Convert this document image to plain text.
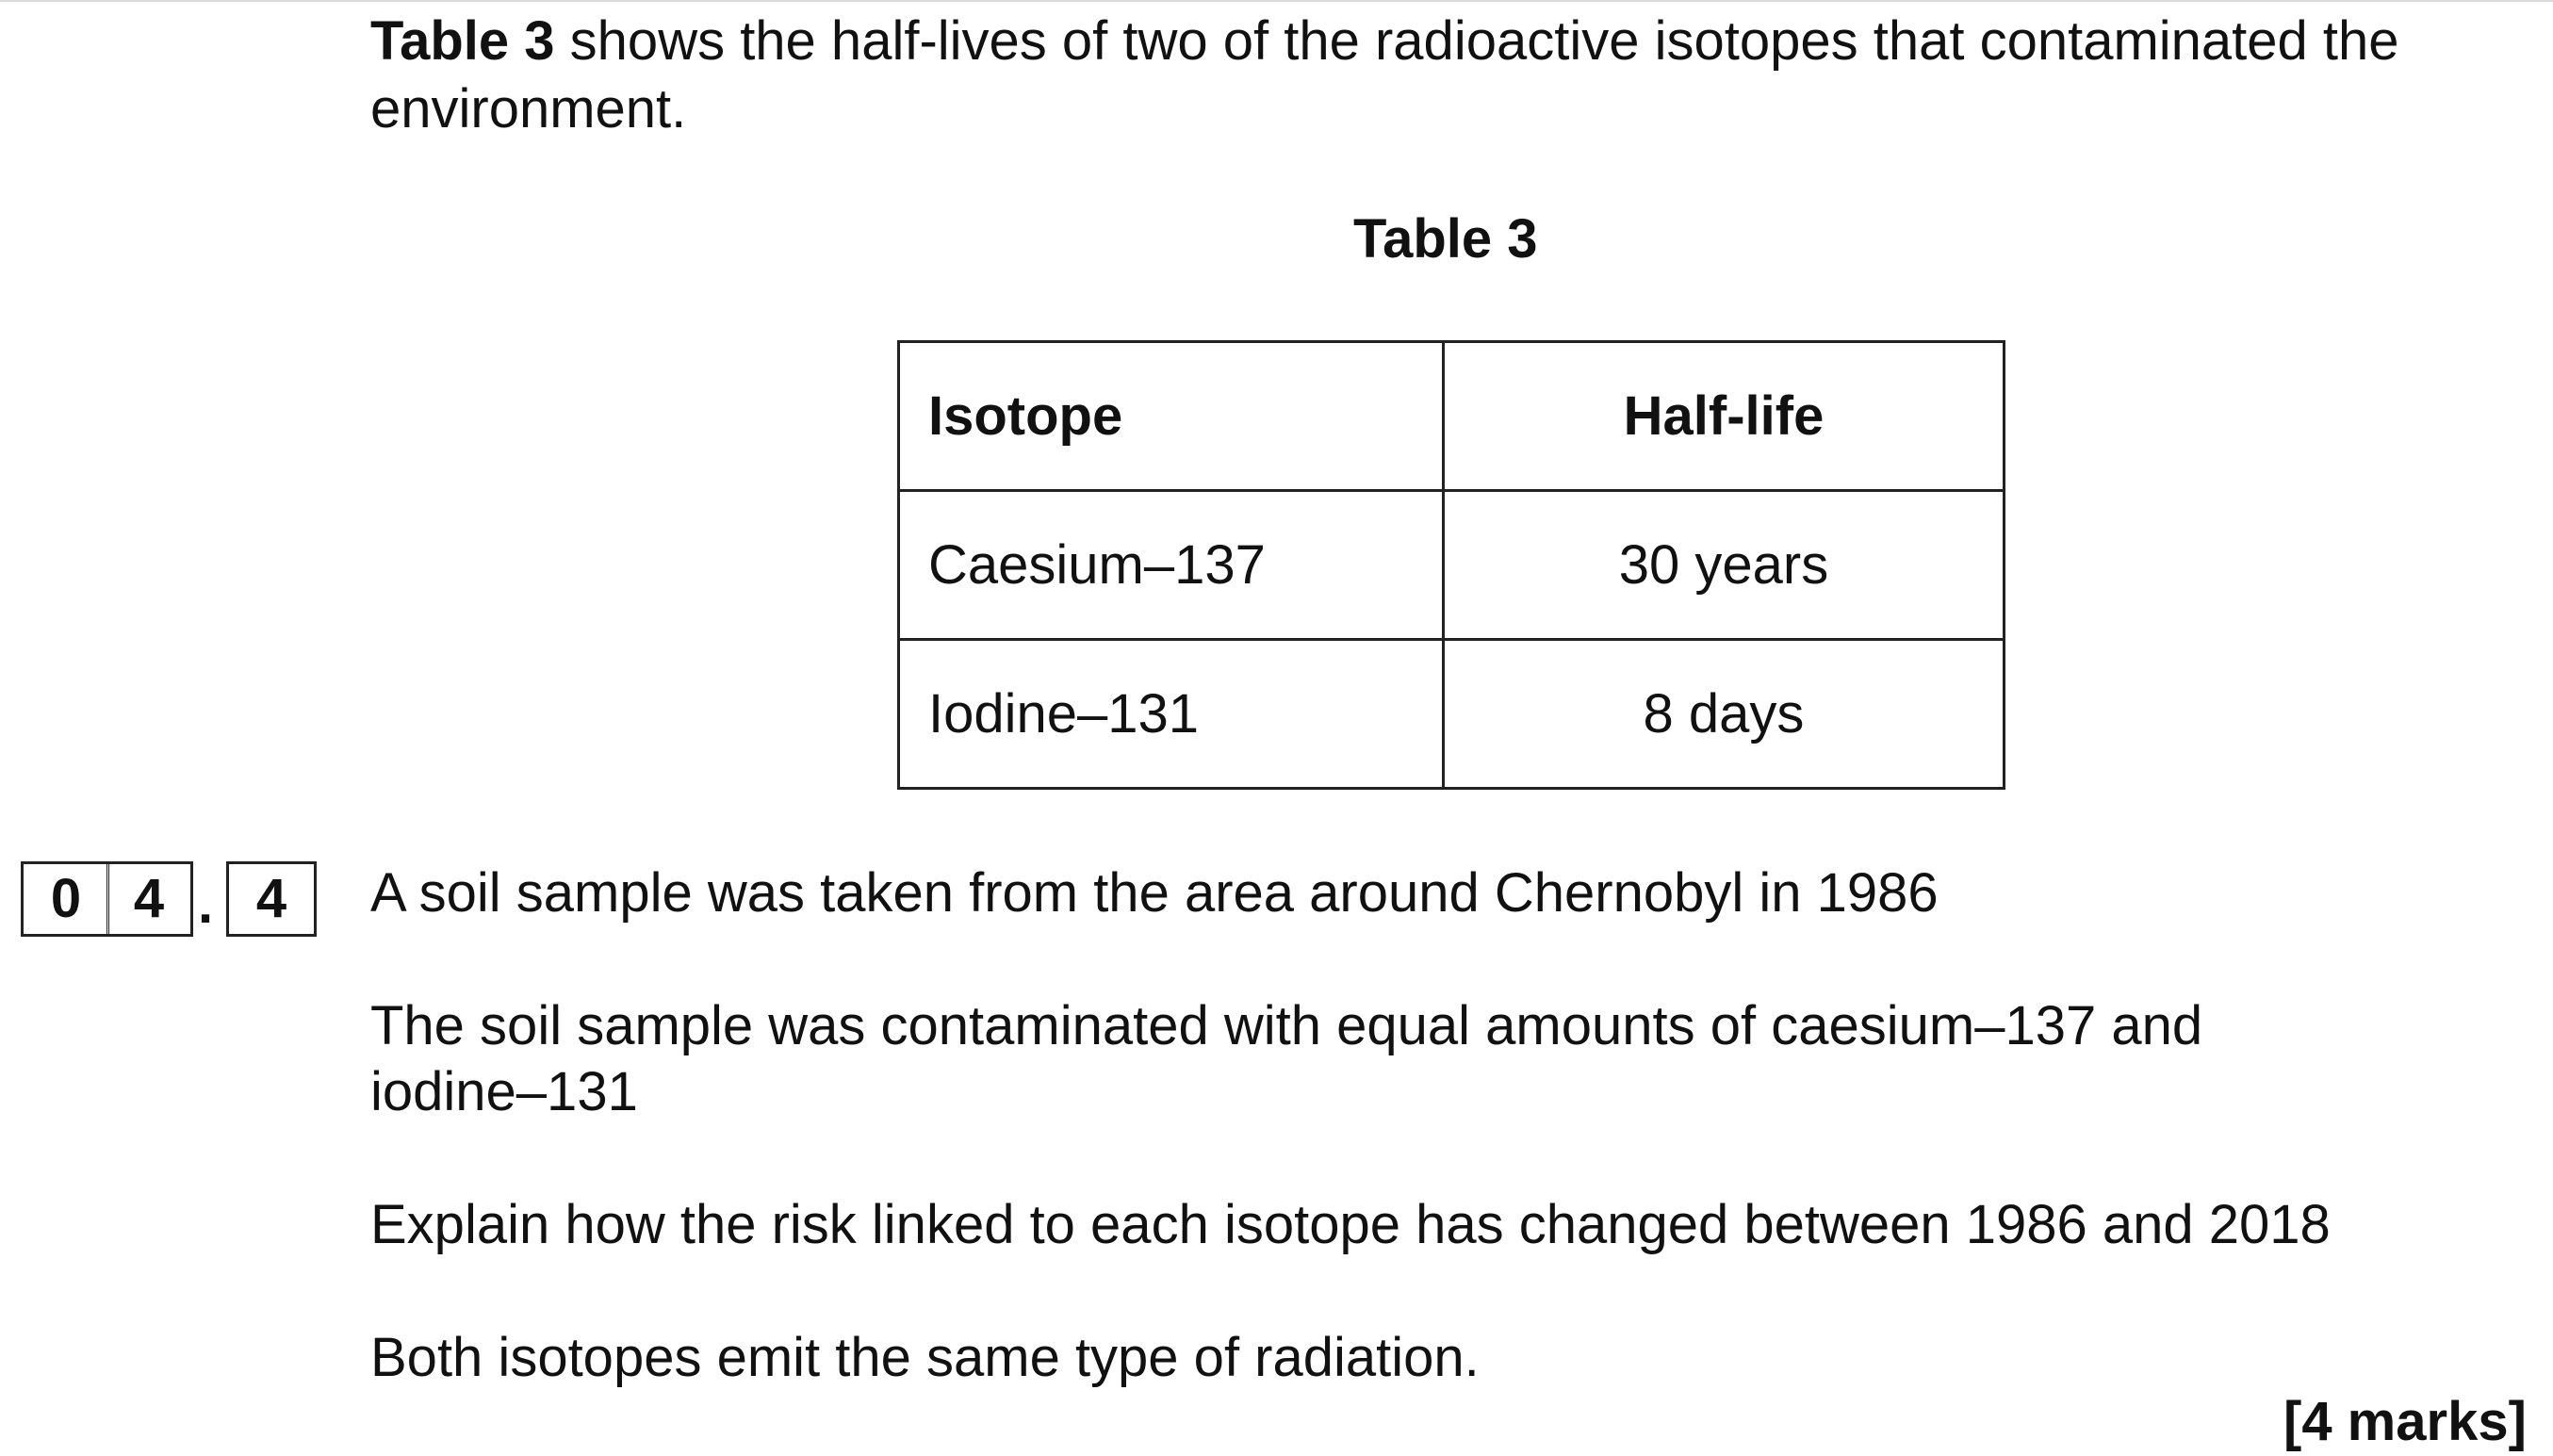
Table 3 shows the half-lives of two of the radioactive isotopes that contaminated the
environment.
Table 3
Isotope	Half-life
Caesium–137	30 years
Iodine–131	8 days
0 4 . 4	A soil sample was taken from the area around Chernobyl in 1986
The soil sample was contaminated with equal amounts of caesium–137 and
iodine–131
Explain how the risk linked to each isotope has changed between 1986 and 2018
Both isotopes emit the same type of radiation.
[4 marks]
